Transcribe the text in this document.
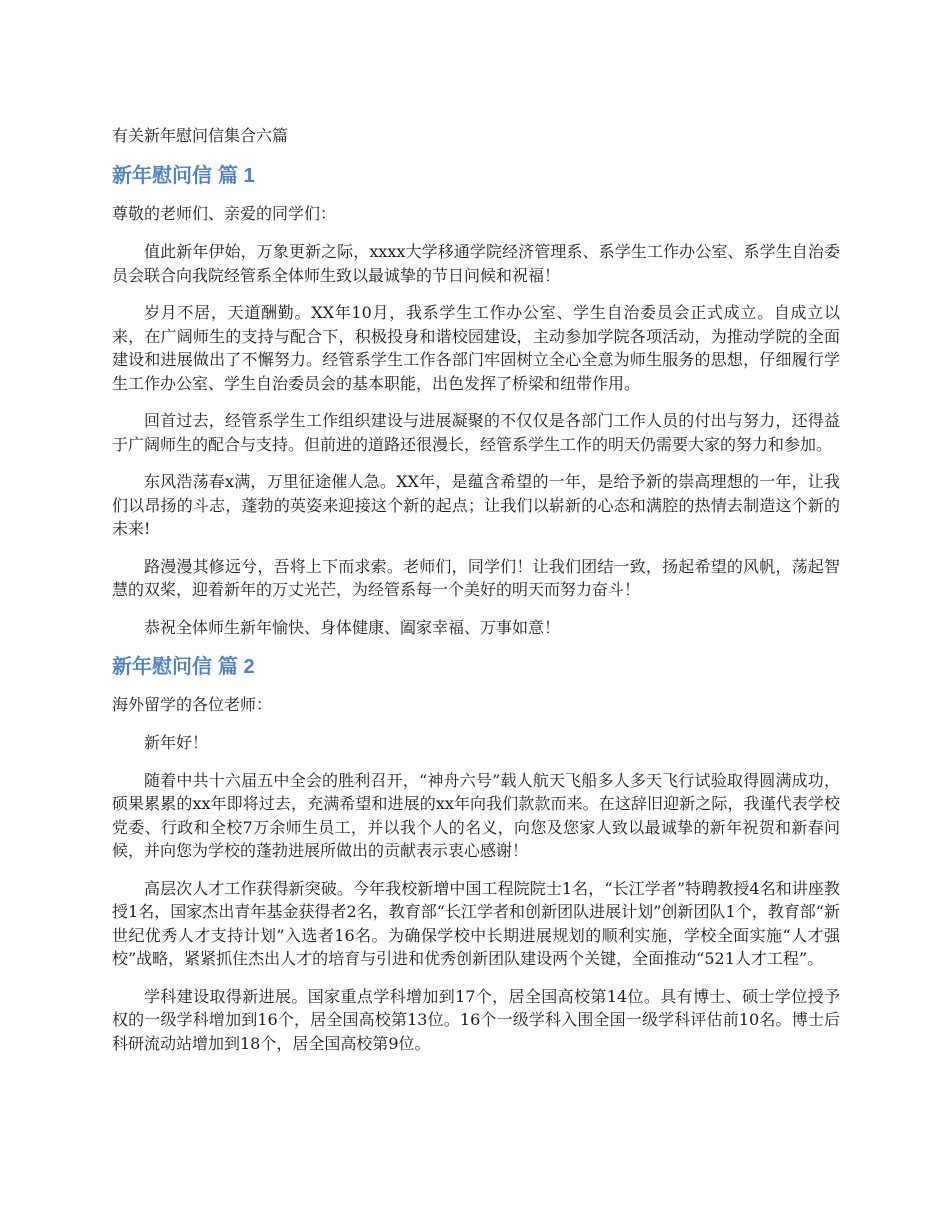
有关新年慰问信集合六篇
新年慰问信 篇 1
尊敬的老师们、亲爱的同学们：

值此新年伊始，万象更新之际，xxxx大学移通学院经济管理系、系学生工作办公室、系学生自治委员会联合向我院经管系全体师生致以最诚挚的节日问候和祝福！

岁月不居，天道酬勤。XX年10月，我系学生工作办公室、学生自治委员会正式成立。自成立以来，在广阔师生的支持与配合下，积极投身和谐校园建设，主动参加学院各项活动，为推动学院的全面建设和进展做出了不懈努力。经管系学生工作各部门牢固树立全心全意为师生服务的思想，仔细履行学生工作办公室、学生自治委员会的基本职能，出色发挥了桥梁和纽带作用。

回首过去，经管系学生工作组织建设与进展凝聚的不仅仅是各部门工作人员的付出与努力，还得益于广阔师生的配合与支持。但前进的道路还很漫长，经管系学生工作的明天仍需要大家的努力和参加。

东风浩荡春x满，万里征途催人急。XX年，是蕴含希望的一年，是给予新的崇高理想的一年，让我们以昂扬的斗志，蓬勃的英姿来迎接这个新的起点；让我们以崭新的心态和满腔的热情去制造这个新的未来!

路漫漫其修远兮，吾将上下而求索。老师们，同学们！让我们团结一致，扬起希望的风帆，荡起智慧的双桨，迎着新年的万丈光芒，为经管系每一个美好的明天而努力奋斗！

恭祝全体师生新年愉快、身体健康、阖家幸福、万事如意！

新年慰问信 篇 2
海外留学的各位老师：

新年好！

随着中共十六届五中全会的胜利召开，“神舟六号”载人航天飞船多人多天飞行试验取得圆满成功，硕果累累的xx年即将过去，充满希望和进展的xx年向我们款款而来。在这辞旧迎新之际，我谨代表学校党委、行政和全校7万余师生员工，并以我个人的名义，向您及您家人致以最诚挚的新年祝贺和新春问候，并向您为学校的蓬勃进展所做出的贡献表示衷心感谢！

高层次人才工作获得新突破。今年我校新增中国工程院院士1名，“长江学者”特聘教授4名和讲座教授1名，国家杰出青年基金获得者2名，教育部“长江学者和创新团队进展计划”创新团队1个，教育部“新世纪优秀人才支持计划”入选者16名。为确保学校中长期进展规划的顺利实施，学校全面实施“人才强校”战略，紧紧抓住杰出人才的培育与引进和优秀创新团队建设两个关键，全面推动“521人才工程”。

学科建设取得新进展。国家重点学科增加到17个，居全国高校第14位。具有博士、硕士学位授予权的一级学科增加到16个，居全国高校第13位。16个一级学科入围全国一级学科评估前10名。博士后科研流动站增加到18个，居全国高校第9位。
